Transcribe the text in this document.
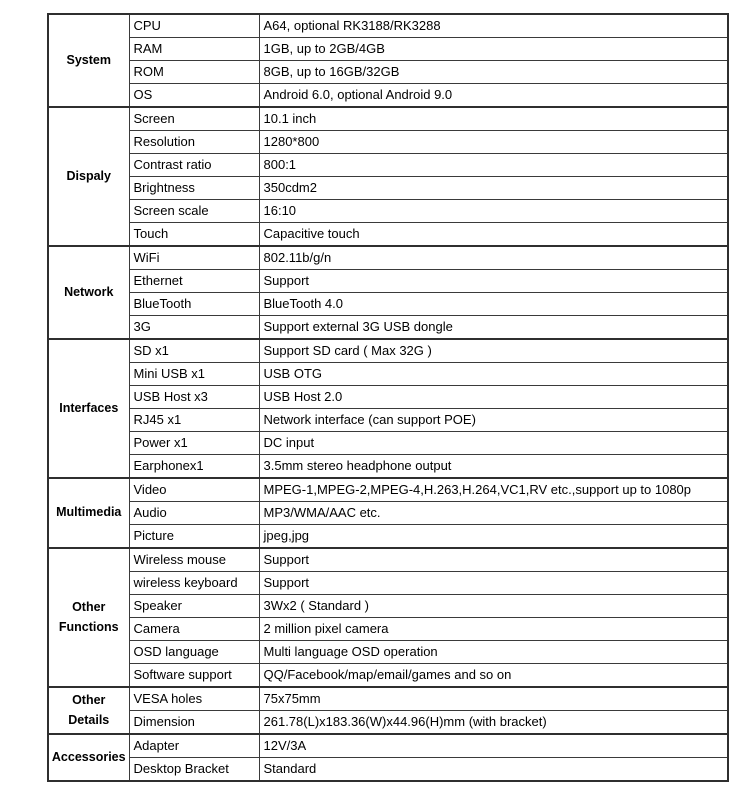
System	CPU	A64, optional RK3188/RK3288
	RAM	1GB, up to 2GB/4GB
	ROM	8GB, up to 16GB/32GB
	OS	Android 6.0, optional Android 9.0
Dispaly	Screen	10.1 inch
	Resolution	1280*800
	Contrast ratio	800:1
	Brightness	350cdm2
	Screen scale	16:10
	Touch	Capacitive touch
Network	WiFi	802.11b/g/n
	Ethernet	Support
	BlueTooth	BlueTooth 4.0
	3G	Support external 3G USB dongle
Interfaces	SD x1	Support SD card ( Max 32G )
	Mini USB x1	USB OTG
	USB Host x3	USB Host 2.0
	RJ45 x1	Network interface (can support POE)
	Power x1	DC input
	Earphonex1	3.5mm stereo headphone output
Multimedia	Video	MPEG-1,MPEG-2,MPEG-4,H.263,H.264,VC1,RV etc.,support up to 1080p
	Audio	MP3/WMA/AAC etc.
	Picture	jpeg,jpg
Other Functions	Wireless mouse	Support
	wireless keyboard	Support
	Speaker	3Wx2 ( Standard )
	Camera	2 million pixel camera
	OSD language	Multi language OSD operation
	Software support	QQ/Facebook/map/email/games and so on
Other Details	VESA holes	75x75mm
	Dimension	261.78(L)x183.36(W)x44.96(H)mm (with bracket)
Accessories	Adapter	12V/3A
	Desktop Bracket	Standard
